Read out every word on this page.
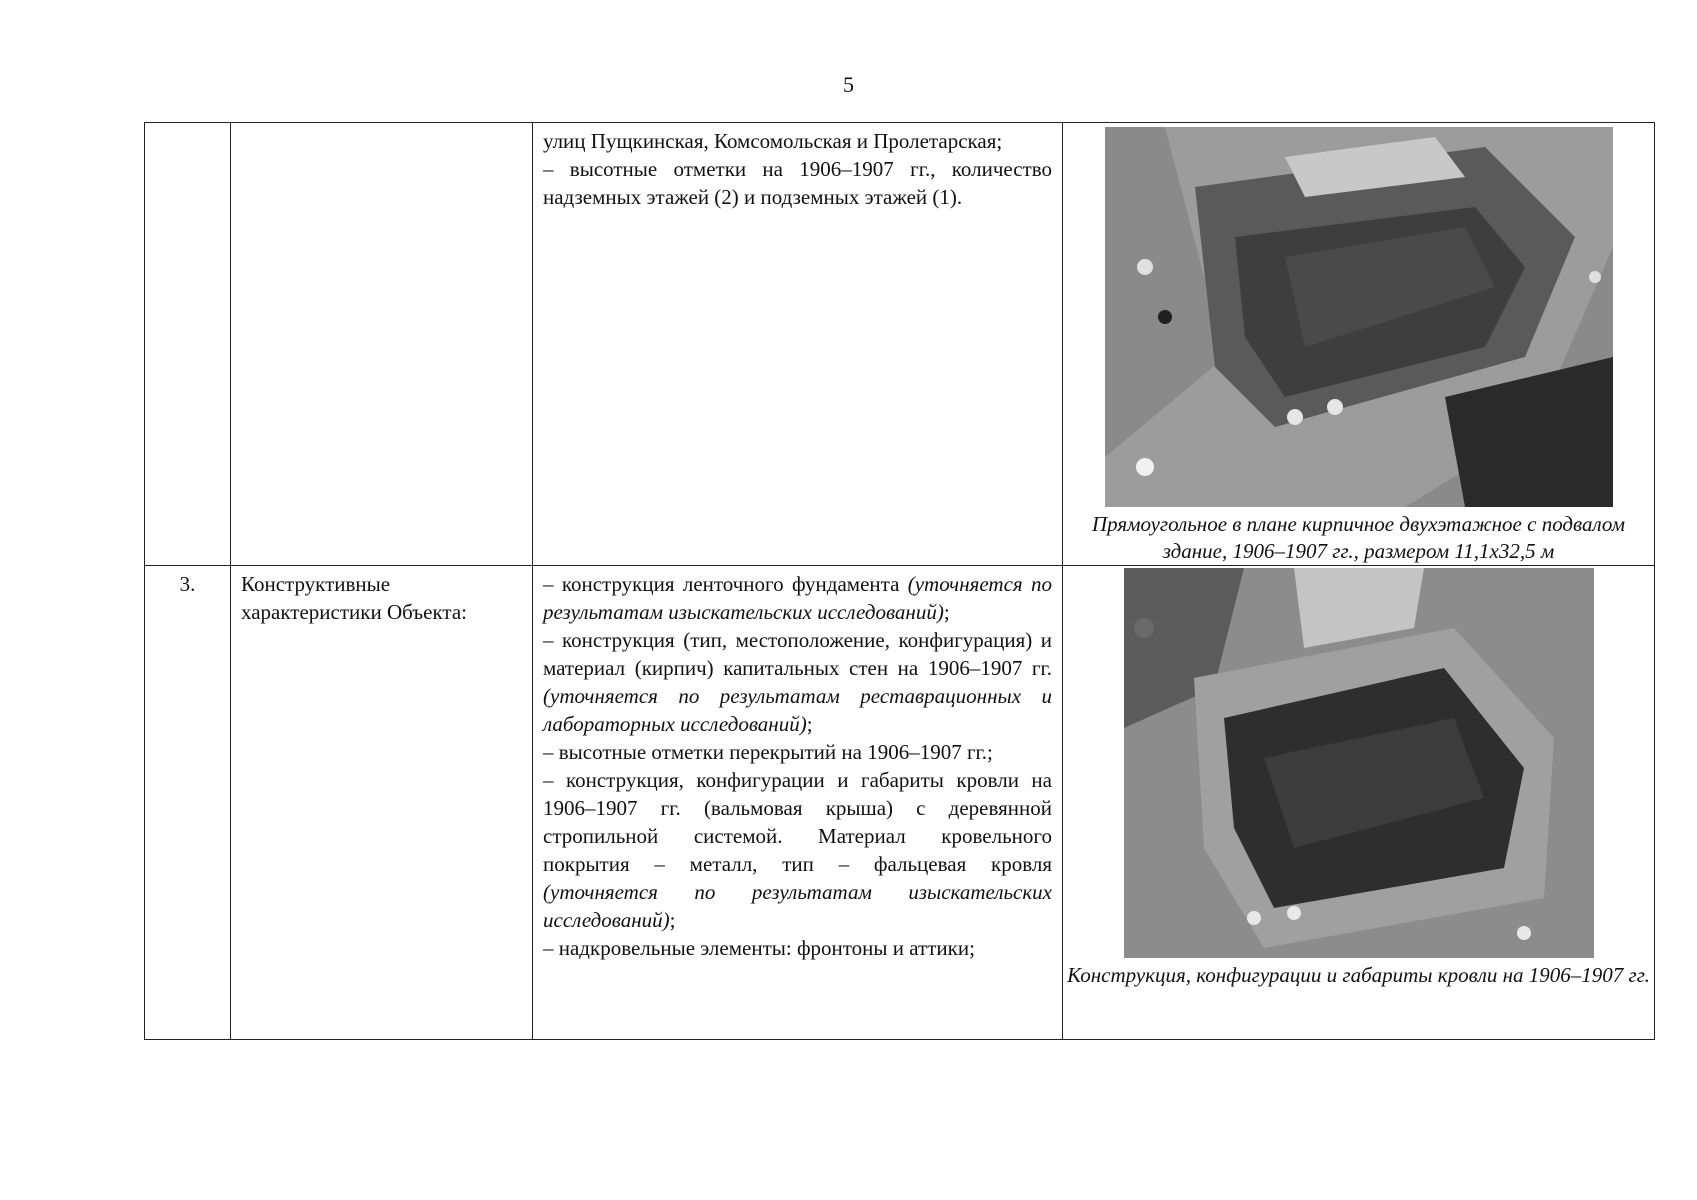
5

		улиц Пущкинская, Комсомольская и Пролетарская;

– высотные отметки на 1906–1907 гг., количество надземных этажей (2) и подземных этажей (1).	Прямоугольное в плане кирпичное двухэтажное с подвалом здание, 1906–1907 гг., размером 11,1х32,5 м

3.	Конструктивные характеристики Объекта:	– конструкция ленточного фундамента (уточняется по результатам изыскательских исследований);

– конструкция (тип, местоположение, конфигурация) и материал (кирпич) капитальных стен на 1906–1907 гг. (уточняется по результатам реставрационных и лабораторных исследований);

– высотные отметки перекрытий на 1906–1907 гг.;

– конструкция, конфигурации и габариты кровли на 1906–1907 гг. (вальмовая крыша) с деревянной стропильной системой. Материал кровельного покрытия – металл, тип – фальцевая кровля (уточняется по результатам изыскательских исследований);

– надкровельные элементы: фронтоны и аттики;	Конструкция, конфигурации и габариты кровли на 1906–1907 гг.
